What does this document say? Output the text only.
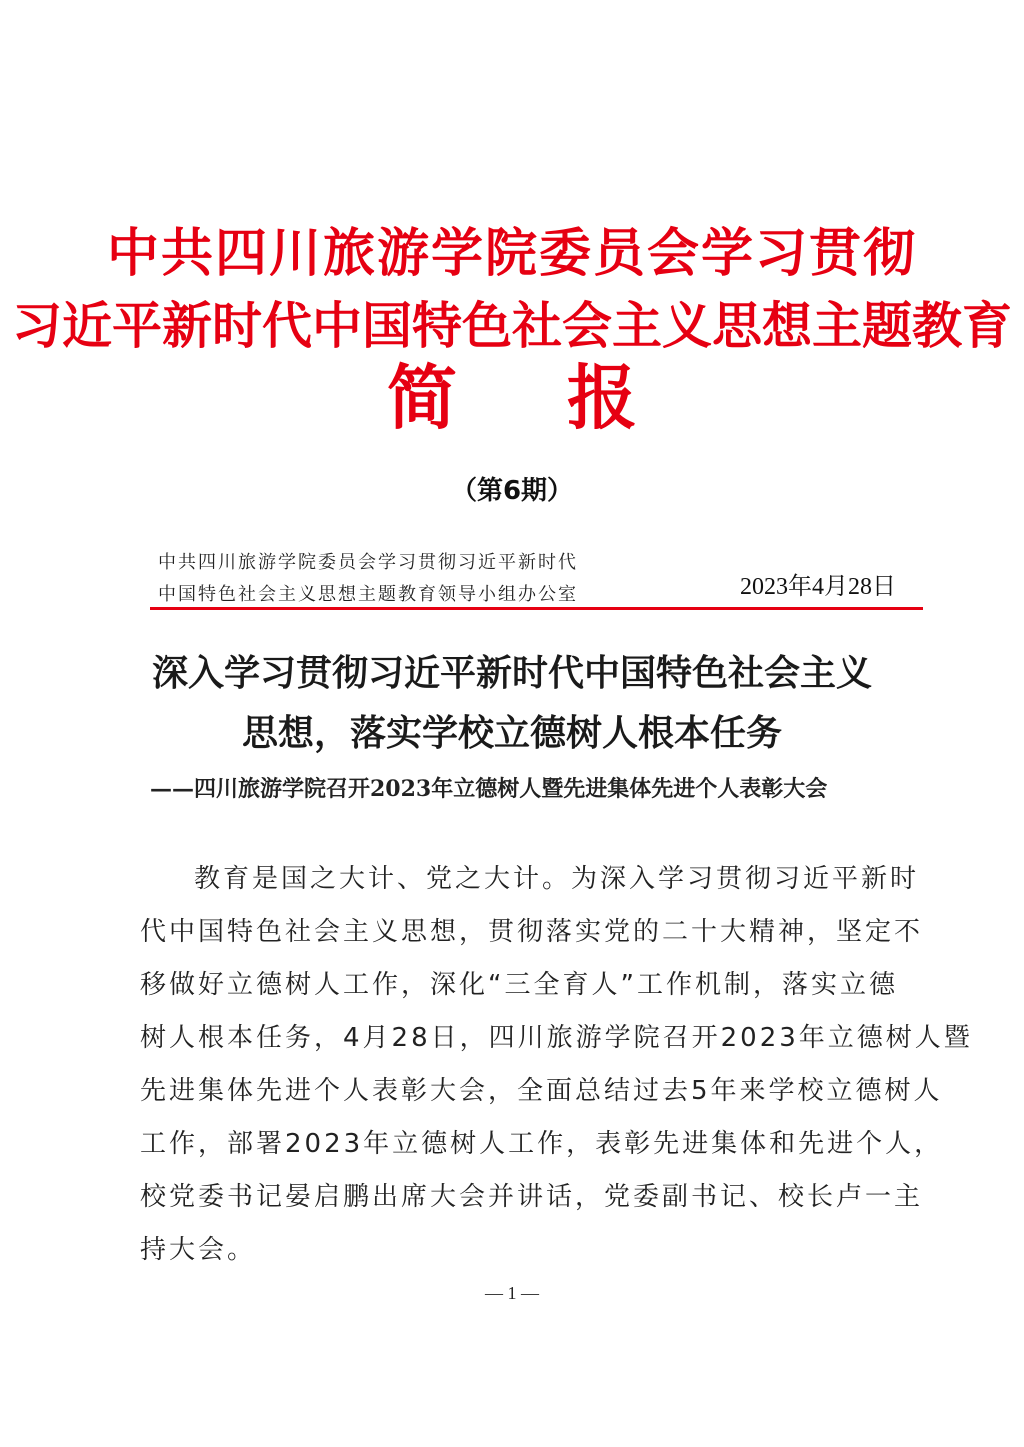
中共四川旅游学院委员会学习贯彻
习近平新时代中国特色社会主义思想主题教育
简 报
（第6期）
中共四川旅游学院委员会学习贯彻习近平新时代
中国特色社会主义思想主题教育领导小组办公室	2023年4月28日
深入学习贯彻习近平新时代中国特色社会主义
思想，落实学校立德树人根本任务
——四川旅游学院召开2023年立德树人暨先进集体先进个人表彰大会
教育是国之大计、党之大计。为深入学习贯彻习近平新时
代中国特色社会主义思想，贯彻落实党的二十大精神，坚定不
移做好立德树人工作，深化“三全育人”工作机制，落实立德
树人根本任务，4月28日，四川旅游学院召开2023年立德树人暨
先进集体先进个人表彰大会，全面总结过去5年来学校立德树人
工作，部署2023年立德树人工作，表彰先进集体和先进个人，
校党委书记晏启鹏出席大会并讲话，党委副书记、校长卢一主
持大会。
— 1 —
